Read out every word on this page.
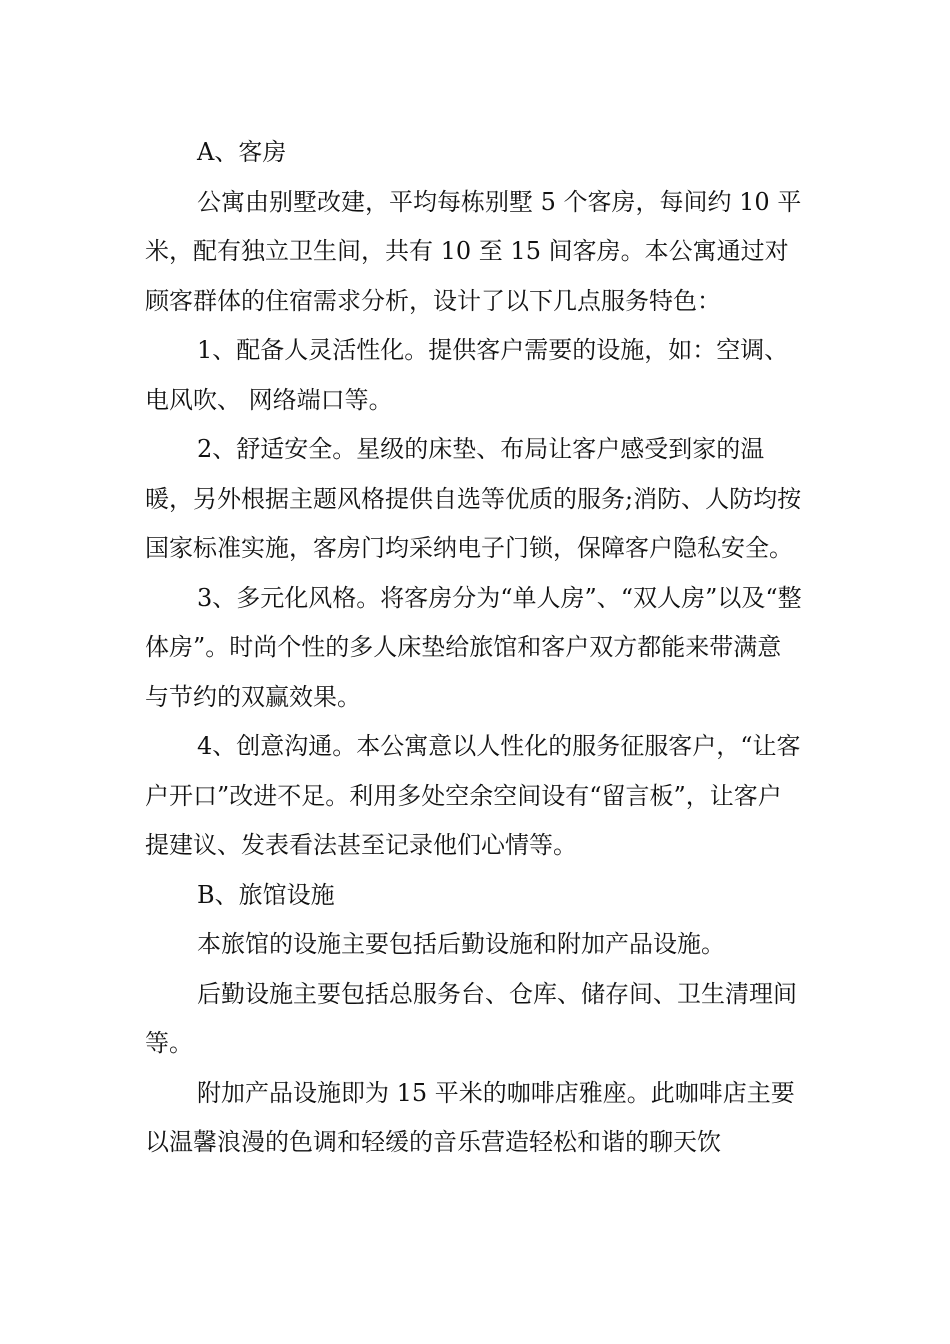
A、客房

公寓由别墅改建，平均每栋别墅 5 个客房，每间约 10 平米，配有独立卫生间，共有 10 至 15 间客房。本公寓通过对顾客群体的住宿需求分析，设计了以下几点服务特色：

1、配备人灵活性化。提供客户需要的设施，如：空调、电风吹、 网络端口等。

2、舒适安全。星级的床垫、布局让客户感受到家的温暖，另外根据主题风格提供自选等优质的服务;消防、人防均按国家标准实施，客房门均采纳电子门锁，保障客户隐私安全。

3、多元化风格。将客房分为“单人房”、“双人房”以及“整体房”。时尚个性的多人床垫给旅馆和客户双方都能来带满意与节约的双赢效果。

4、创意沟通。本公寓意以人性化的服务征服客户，“让客户开口”改进不足。利用多处空余空间设有“留言板”，让客户提建议、发表看法甚至记录他们心情等。

B、旅馆设施

本旅馆的设施主要包括后勤设施和附加产品设施。

后勤设施主要包括总服务台、仓库、储存间、卫生清理间等。

附加产品设施即为 15 平米的咖啡店雅座。此咖啡店主要以温馨浪漫的色调和轻缓的音乐营造轻松和谐的聊天饮
